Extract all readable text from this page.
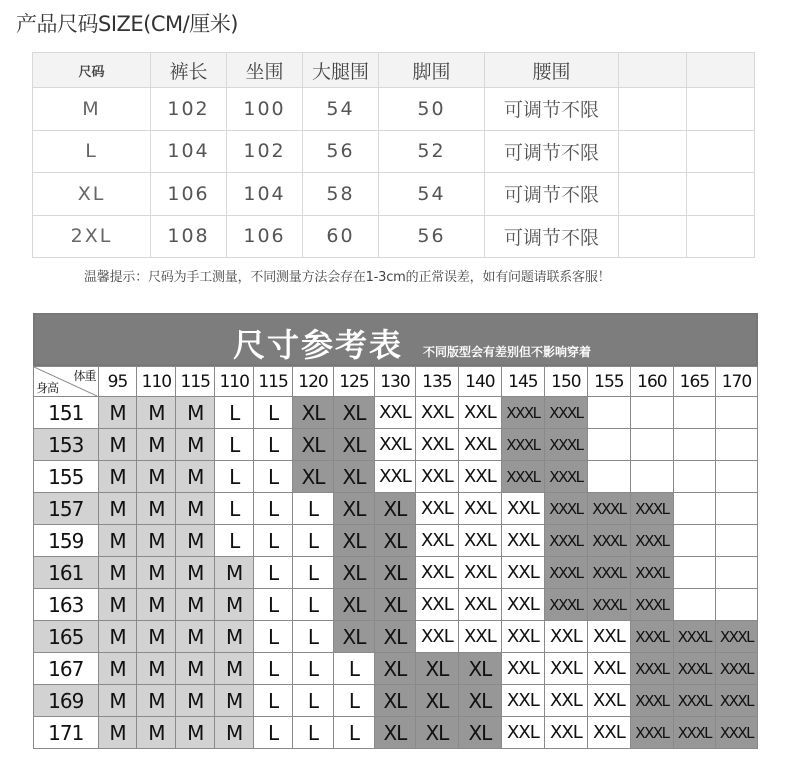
产品尺码SIZE(CM/厘米)
尺码	裤长	坐围	大腿围	脚围	腰围		
M	102	100	54	50	可调节不限		
L	104	102	56	52	可调节不限		
XL	106	104	58	54	可调节不限		
2XL	108	106	60	56	可调节不限		
温馨提示：尺码为手工测量，不同测量方法会存在1-3cm的正常误差，如有问题请联系客服！
尺寸参考表 不同版型会有差别但不影响穿着
体重
身高	95	110	115	110	115	120	125	130	135	140	145	150	155	160	165	170
151	M	M	M	L	L	XL	XL	XXL	XXL	XXL	XXXL	XXXL				
153	M	M	M	L	L	XL	XL	XXL	XXL	XXL	XXXL	XXXL				
155	M	M	M	L	L	XL	XL	XXL	XXL	XXL	XXXL	XXXL				
157	M	M	M	L	L	L	XL	XL	XXL	XXL	XXL	XXXL	XXXL	XXXL		
159	M	M	M	L	L	L	XL	XL	XXL	XXL	XXL	XXXL	XXXL	XXXL		
161	M	M	M	M	L	L	XL	XL	XXL	XXL	XXL	XXXL	XXXL	XXXL		
163	M	M	M	M	L	L	XL	XL	XXL	XXL	XXL	XXXL	XXXL	XXXL		
165	M	M	M	M	L	L	XL	XL	XXL	XXL	XXL	XXL	XXL	XXXL	XXXL	XXXL
167	M	M	M	M	L	L	L	XL	XL	XL	XXL	XXL	XXL	XXXL	XXXL	XXXL
169	M	M	M	M	L	L	L	XL	XL	XL	XXL	XXL	XXL	XXXL	XXXL	XXXL
171	M	M	M	M	L	L	L	XL	XL	XL	XXL	XXL	XXL	XXXL	XXXL	XXXL
